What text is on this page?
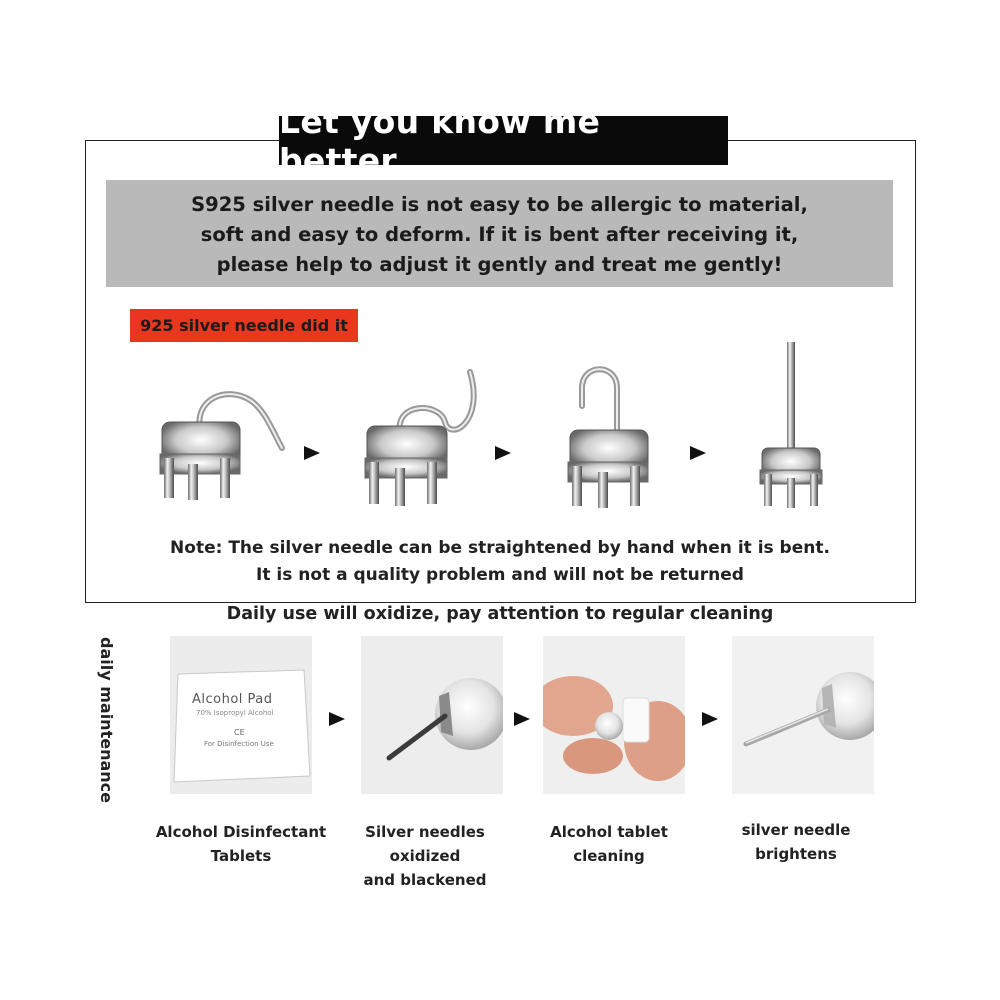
Let you know me better
S925 silver needle is not easy to be allergic to material,
soft and easy to deform. If it is bent after receiving it,
please help to adjust it gently and treat me gently!
925 silver needle did it
Note: The silver needle can be straightened by hand when it is bent.
It is not a quality problem and will not be returned
Daily use will oxidize, pay attention to regular cleaning
daily maintenance	Alcohol Pad
70% Isopropyl Alcohol
CE
For Disinfection Use
Alcohol Disinfectant
Tablets
Silver needles oxidized
and blackened
Alcohol tablet
cleaning
silver needle
brightens
